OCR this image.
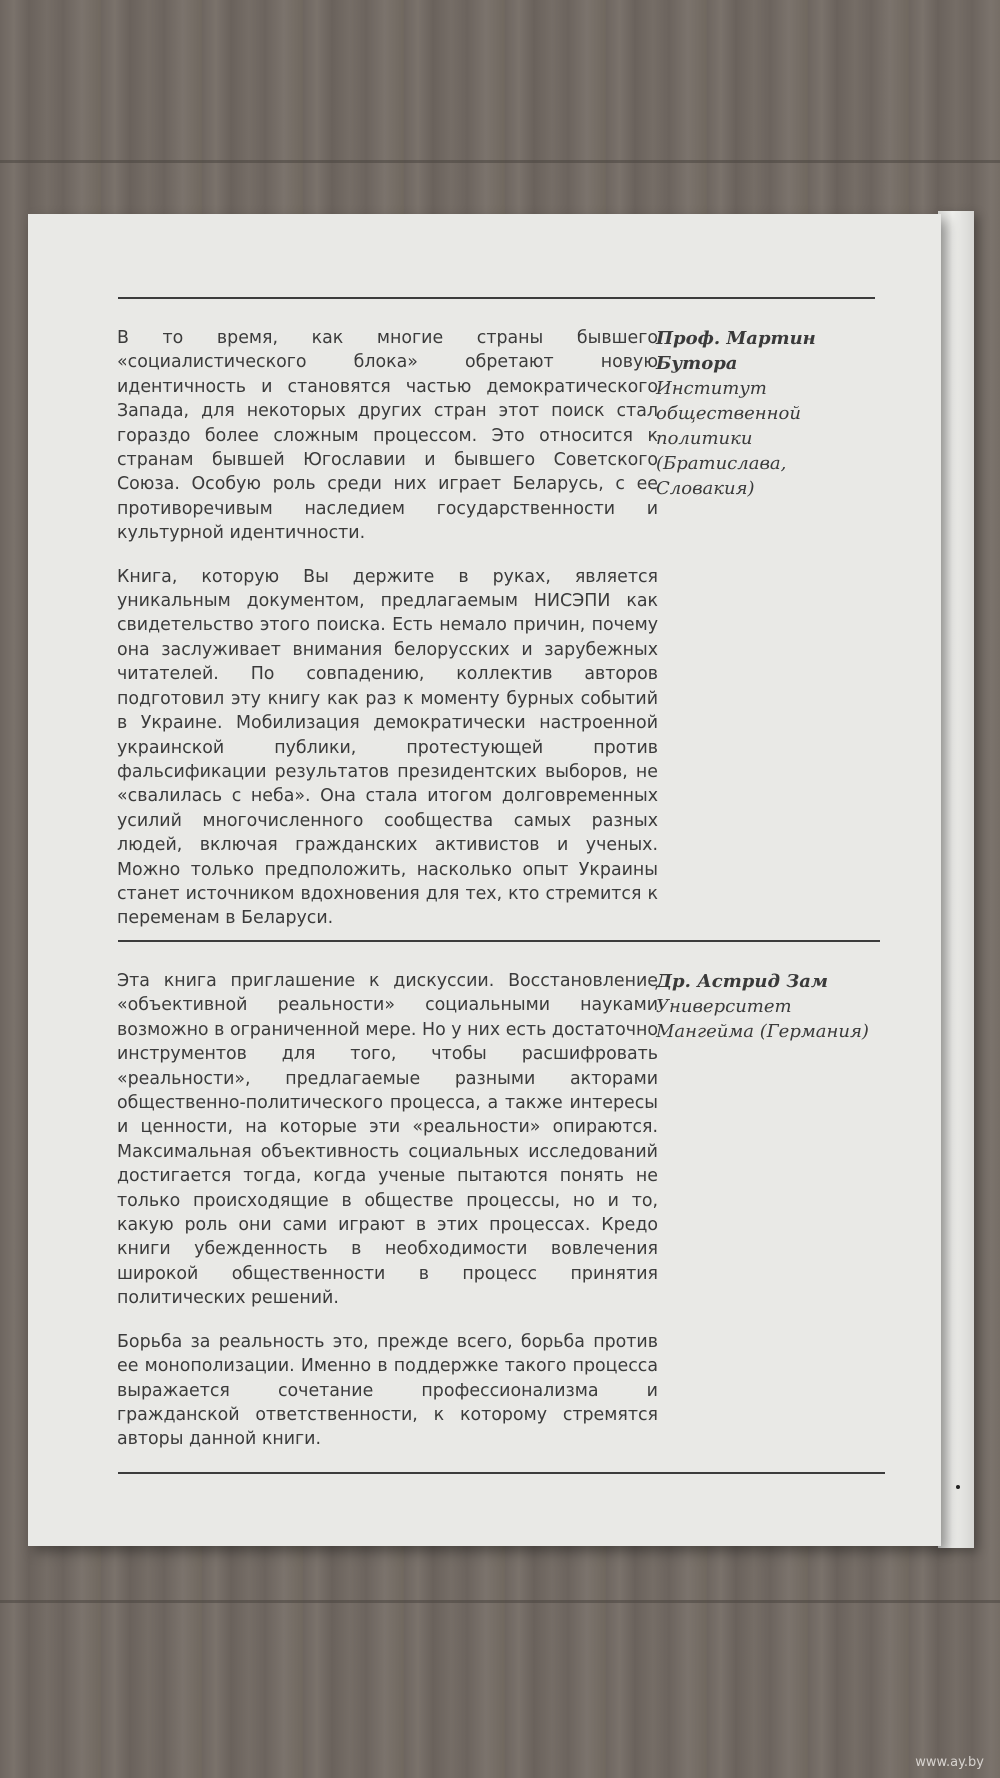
В то время, как многие страны бывшего «социалистического блока» обретают новую идентичность и становятся частью демократического Запада, для некоторых других стран этот поиск стал гораздо более сложным процессом. Это относится к странам бывшей Югославии и бывшего Советского Союза. Особую роль среди них играет Беларусь, с ее противоречивым наследием государственности и культурной идентичности.

Книга, которую Вы держите в руках, является уникальным документом, предлагаемым НИСЭПИ как свидетельство этого поиска. Есть немало причин, почему она заслуживает внимания белорусских и зарубежных читателей. По совпадению, коллектив авторов подготовил эту книгу как раз к моменту бурных событий в Украине. Мобилизация демократически настроенной украинской публики, протестующей против фальсификации результатов президентских выборов, не «свалилась с неба». Она стала итогом долговременных усилий многочисленного сообщества самых разных людей, включая гражданских активистов и ученых. Можно только предположить, насколько опыт Украины станет источником вдохновения для тех, кто стремится к переменам в Беларуси.

Проф. Мартин Бутора
Институт общественной политики (Братислава, Словакия)

Эта книга приглашение к дискуссии. Восстановление «объективной реальности» социальными науками возможно в ограниченной мере. Но у них есть достаточно инструментов для того, чтобы расшифровать «реальности», предлагаемые разными акторами общественно-политического процесса, а также интересы и ценности, на которые эти «реальности» опираются. Максимальная объективность социальных исследований достигается тогда, когда ученые пытаются понять не только происходящие в обществе процессы, но и то, какую роль они сами играют в этих процессах. Кредо книги убежденность в необходимости вовлечения широкой общественности в процесс принятия политических решений.

Борьба за реальность это, прежде всего, борьба против ее монополизации. Именно в поддержке такого процесса выражается сочетание профессионализма и гражданской ответственности, к которому стремятся авторы данной книги.

Др. Астрид Зам
Университет Мангейма (Германия)
www.ay.by
